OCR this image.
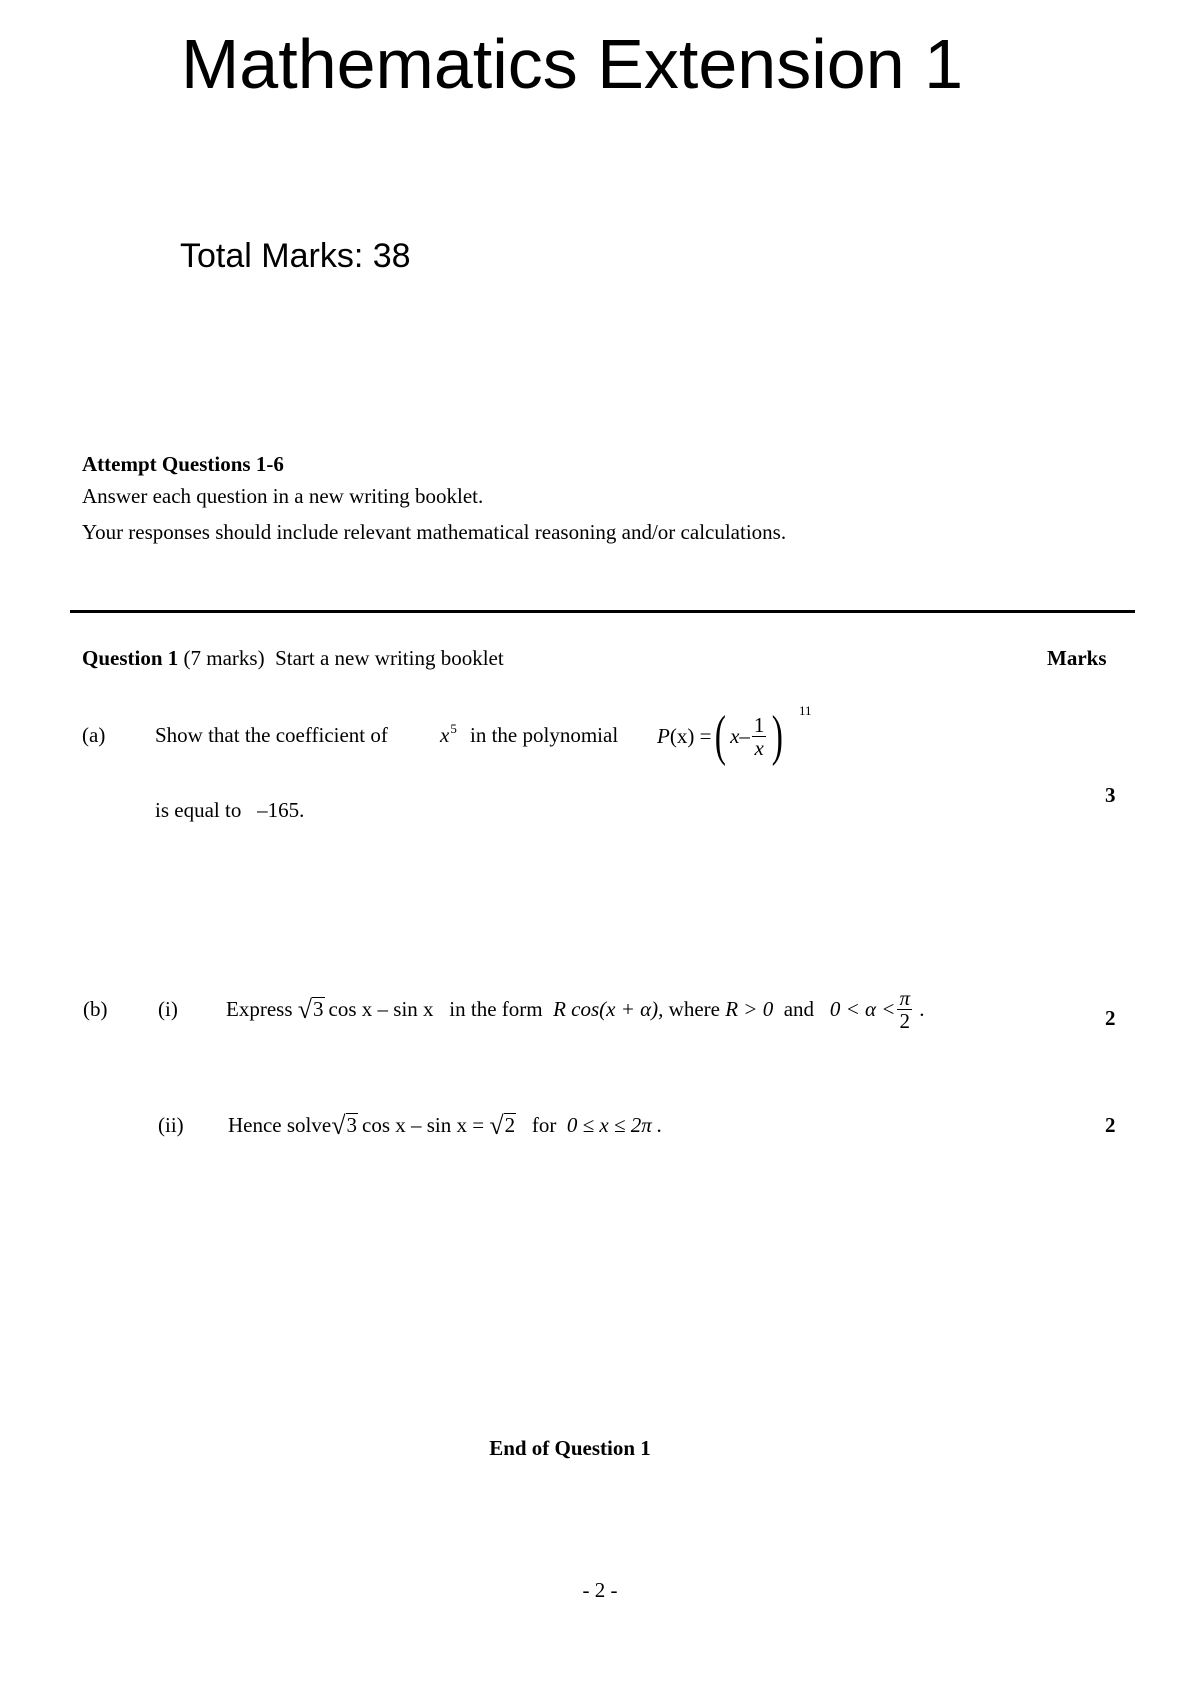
Mathematics Extension 1
Total Marks: 38
Attempt Questions 1-6
Answer each question in a new writing booklet.
Your responses should include relevant mathematical reasoning and/or calculations.
Question 1 (7 marks) Start a new writing booklet	Marks
(a) Show that the coefficient of $x^5$ in the polynomial P (x) = ( x – $\frac{1}{x}$ ) 11
is equal to –165.
3
(b) (i) Express
√3 cos x – sin x
in the form
R cos(x + α),
where
R > 0
and
$0 < \alpha < \frac{\pi}{2}$
.	2
(ii) Hence solve √3 cos x – sin x =
√2
for
0 ≤ x ≤ 2π .	2
End of Question 1
- 2 -
